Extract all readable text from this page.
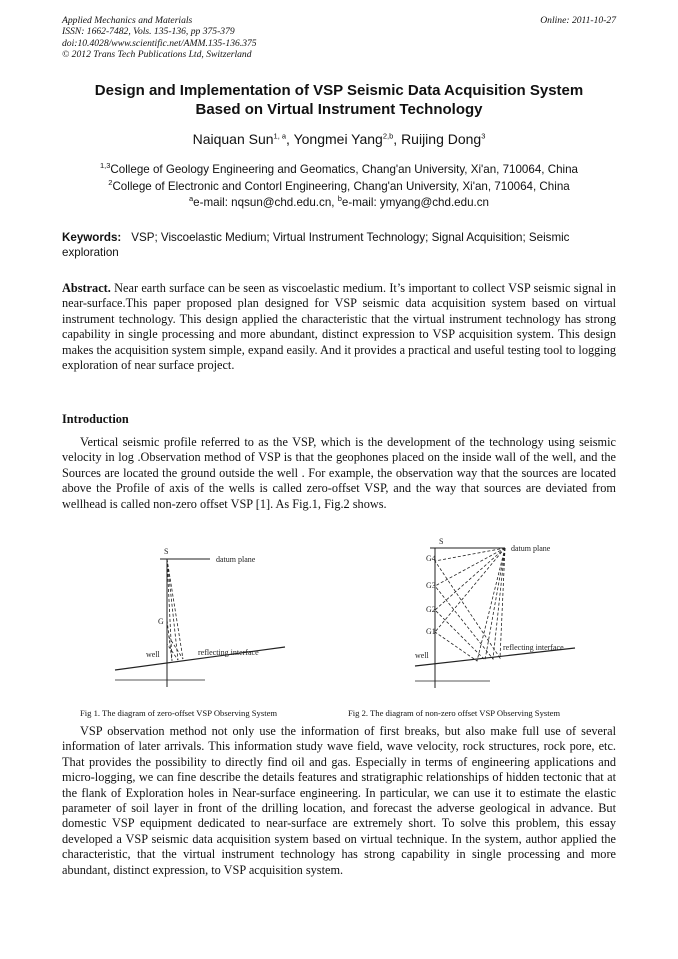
Applied Mechanics and Materials
ISSN: 1662-7482, Vols. 135-136, pp 375-379
doi:10.4028/www.scientific.net/AMM.135-136.375
© 2012 Trans Tech Publications Ltd, Switzerland
Online: 2011-10-27
Design and Implementation of VSP Seismic Data Acquisition System
Based on Virtual Instrument Technology
Naiquan Sun$^{1, a}$, Yongmei Yang$^{2,b}$, Ruijing Dong$^3$
$^{1,3}$College of Geology Engineering and Geomatics, Chang'an University, Xi'an, 710064, China
$^2$College of Electronic and Contorl Engineering, Chang'an University, Xi'an, 710064, China
$^a$e-mail: nqsun@chd.edu.cn, $^b$e-mail: ymyang@chd.edu.cn
Keywords: VSP; Viscoelastic Medium; Virtual Instrument Technology; Signal Acquisition; Seismic exploration
Abstract. Near earth surface can be seen as viscoelastic medium. It’s important to collect VSP seismic signal in near-surface.This paper proposed plan designed for VSP seismic data acquisition system based on virtual instrument technology. This design applied the characteristic that the virtual instrument technology has strong capability in single processing and more abundant, distinct expression to VSP acquisition system. This design makes the acquisition system simple, expand easily. And it provides a practical and useful testing tool to logging exploration of near surface project.
Introduction
Vertical seismic profile referred to as the VSP, which is the development of the technology using seismic velocity in log .Observation method of VSP is that the geophones placed on the inside wall of the well, and the Sources are located the ground outside the well . For example, the observation way that the sources are located above the Profile of axis of the wells is called zero-offset VSP, and the way that sources are deviated from wellhead is called non-zero offset VSP [1]. As Fig.1, Fig.2 shows.
S
datum plane
G
well	reflecting interface
Fig 1. The diagram of zero-offset VSP Observing System
S
datum plane
G4
G3
G2
G1
well
reflecting interface
Fig 2. The diagram of non-zero offset VSP Observing System
VSP observation method not only use the information of first breaks, but also make full use of several information of later arrivals. This information study wave field, wave velocity, rock structures, rock pore, etc. That provides the possibility to directly find oil and gas. Especially in terms of engineering applications and micro-logging, we can fine describe the details features and stratigraphic relationships of hidden tectonic that at the flank of Exploration holes in Near-surface engineering. In particular, we can use it to estimate the elastic parameter of soil layer in front of the drilling location, and forecast the adverse geological in advance. But domestic VSP equipment dedicated to near-surface are extremely short. To solve this problem, this essay developed a VSP seismic data acquisition system based on virtual technique. In the system, author applied the characteristic, that the virtual instrument technology has strong capability in single processing and more abundant, distinct expression, to VSP acquisition system.
